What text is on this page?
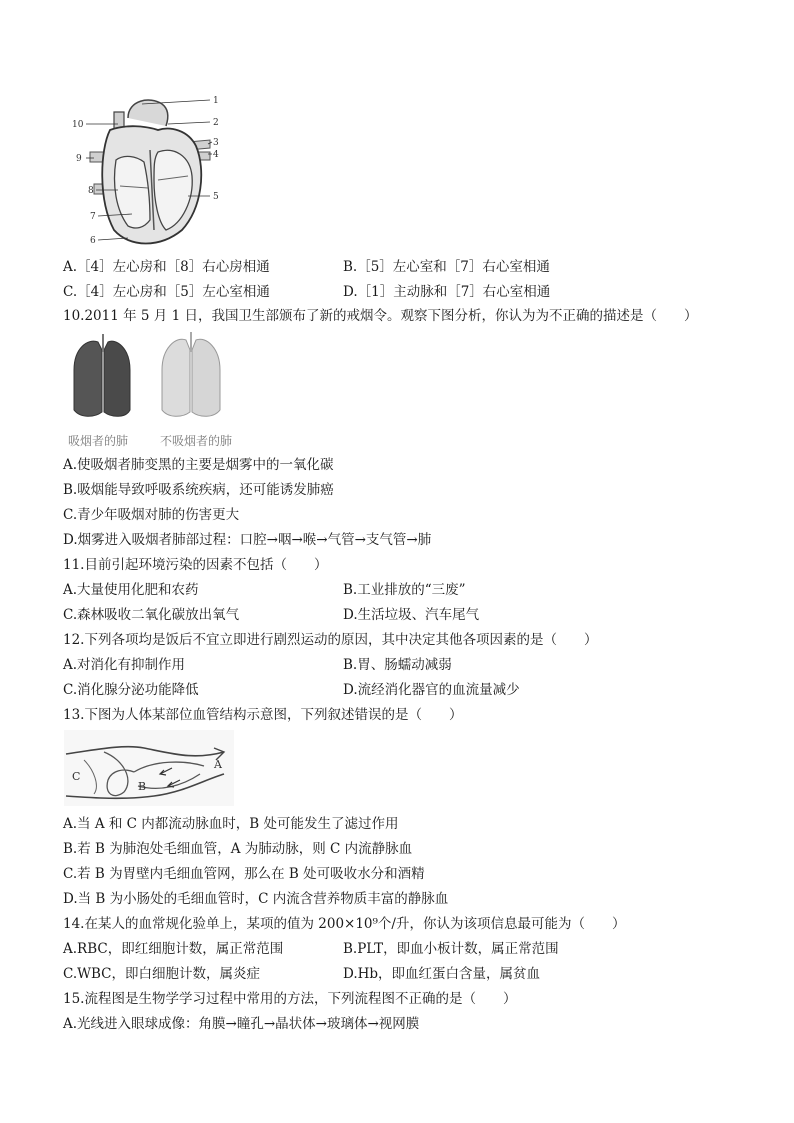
1
2
3
4
5
6
7
8
9
10
A.［4］左心房和［8］右心房相通	B.［5］左心室和［7］右心室相通
C.［4］左心房和［5］左心室相通	D.［1］主动脉和［7］右心室相通
10.2011 年 5 月 1 日，我国卫生部颁布了新的戒烟令。观察下图分析，你认为为不正确的描述是（　　）
吸烟者的肺	不吸烟者的肺
A.使吸烟者肺变黑的主要是烟雾中的一氧化碳
B.吸烟能导致呼吸系统疾病，还可能诱发肺癌
C.青少年吸烟对肺的伤害更大
D.烟雾进入吸烟者肺部过程：口腔→咽→喉→气管→支气管→肺
11.目前引起环境污染的因素不包括（　　）
A.大量使用化肥和农药	B.工业排放的“三废”
C.森林吸收二氧化碳放出氧气	D.生活垃圾、汽车尾气
12.下列各项均是饭后不宜立即进行剧烈运动的原因，其中决定其他各项因素的是（　　）
A.对消化有抑制作用	B.胃、肠蠕动减弱
C.消化腺分泌功能降低	D.流经消化器官的血流量减少
13.下图为人体某部位血管结构示意图，下列叙述错误的是（　　）
A
B
C
A.当 A 和 C 内都流动脉血时，B 处可能发生了滤过作用
B.若 B 为肺泡处毛细血管，A 为肺动脉，则 C 内流静脉血
C.若 B 为胃壁内毛细血管网，那么在 B 处可吸收水分和酒精
D.当 B 为小肠处的毛细血管时，C 内流含营养物质丰富的静脉血
14.在某人的血常规化验单上，某项的值为 200×10⁹个/升，你认为该项信息最可能为（　　）
A.RBC，即红细胞计数，属正常范围	B.PLT，即血小板计数，属正常范围
C.WBC，即白细胞计数，属炎症	D.Hb，即血红蛋白含量，属贫血
15.流程图是生物学学习过程中常用的方法，下列流程图不正确的是（　　）
A.光线进入眼球成像：角膜→瞳孔→晶状体→玻璃体→视网膜
